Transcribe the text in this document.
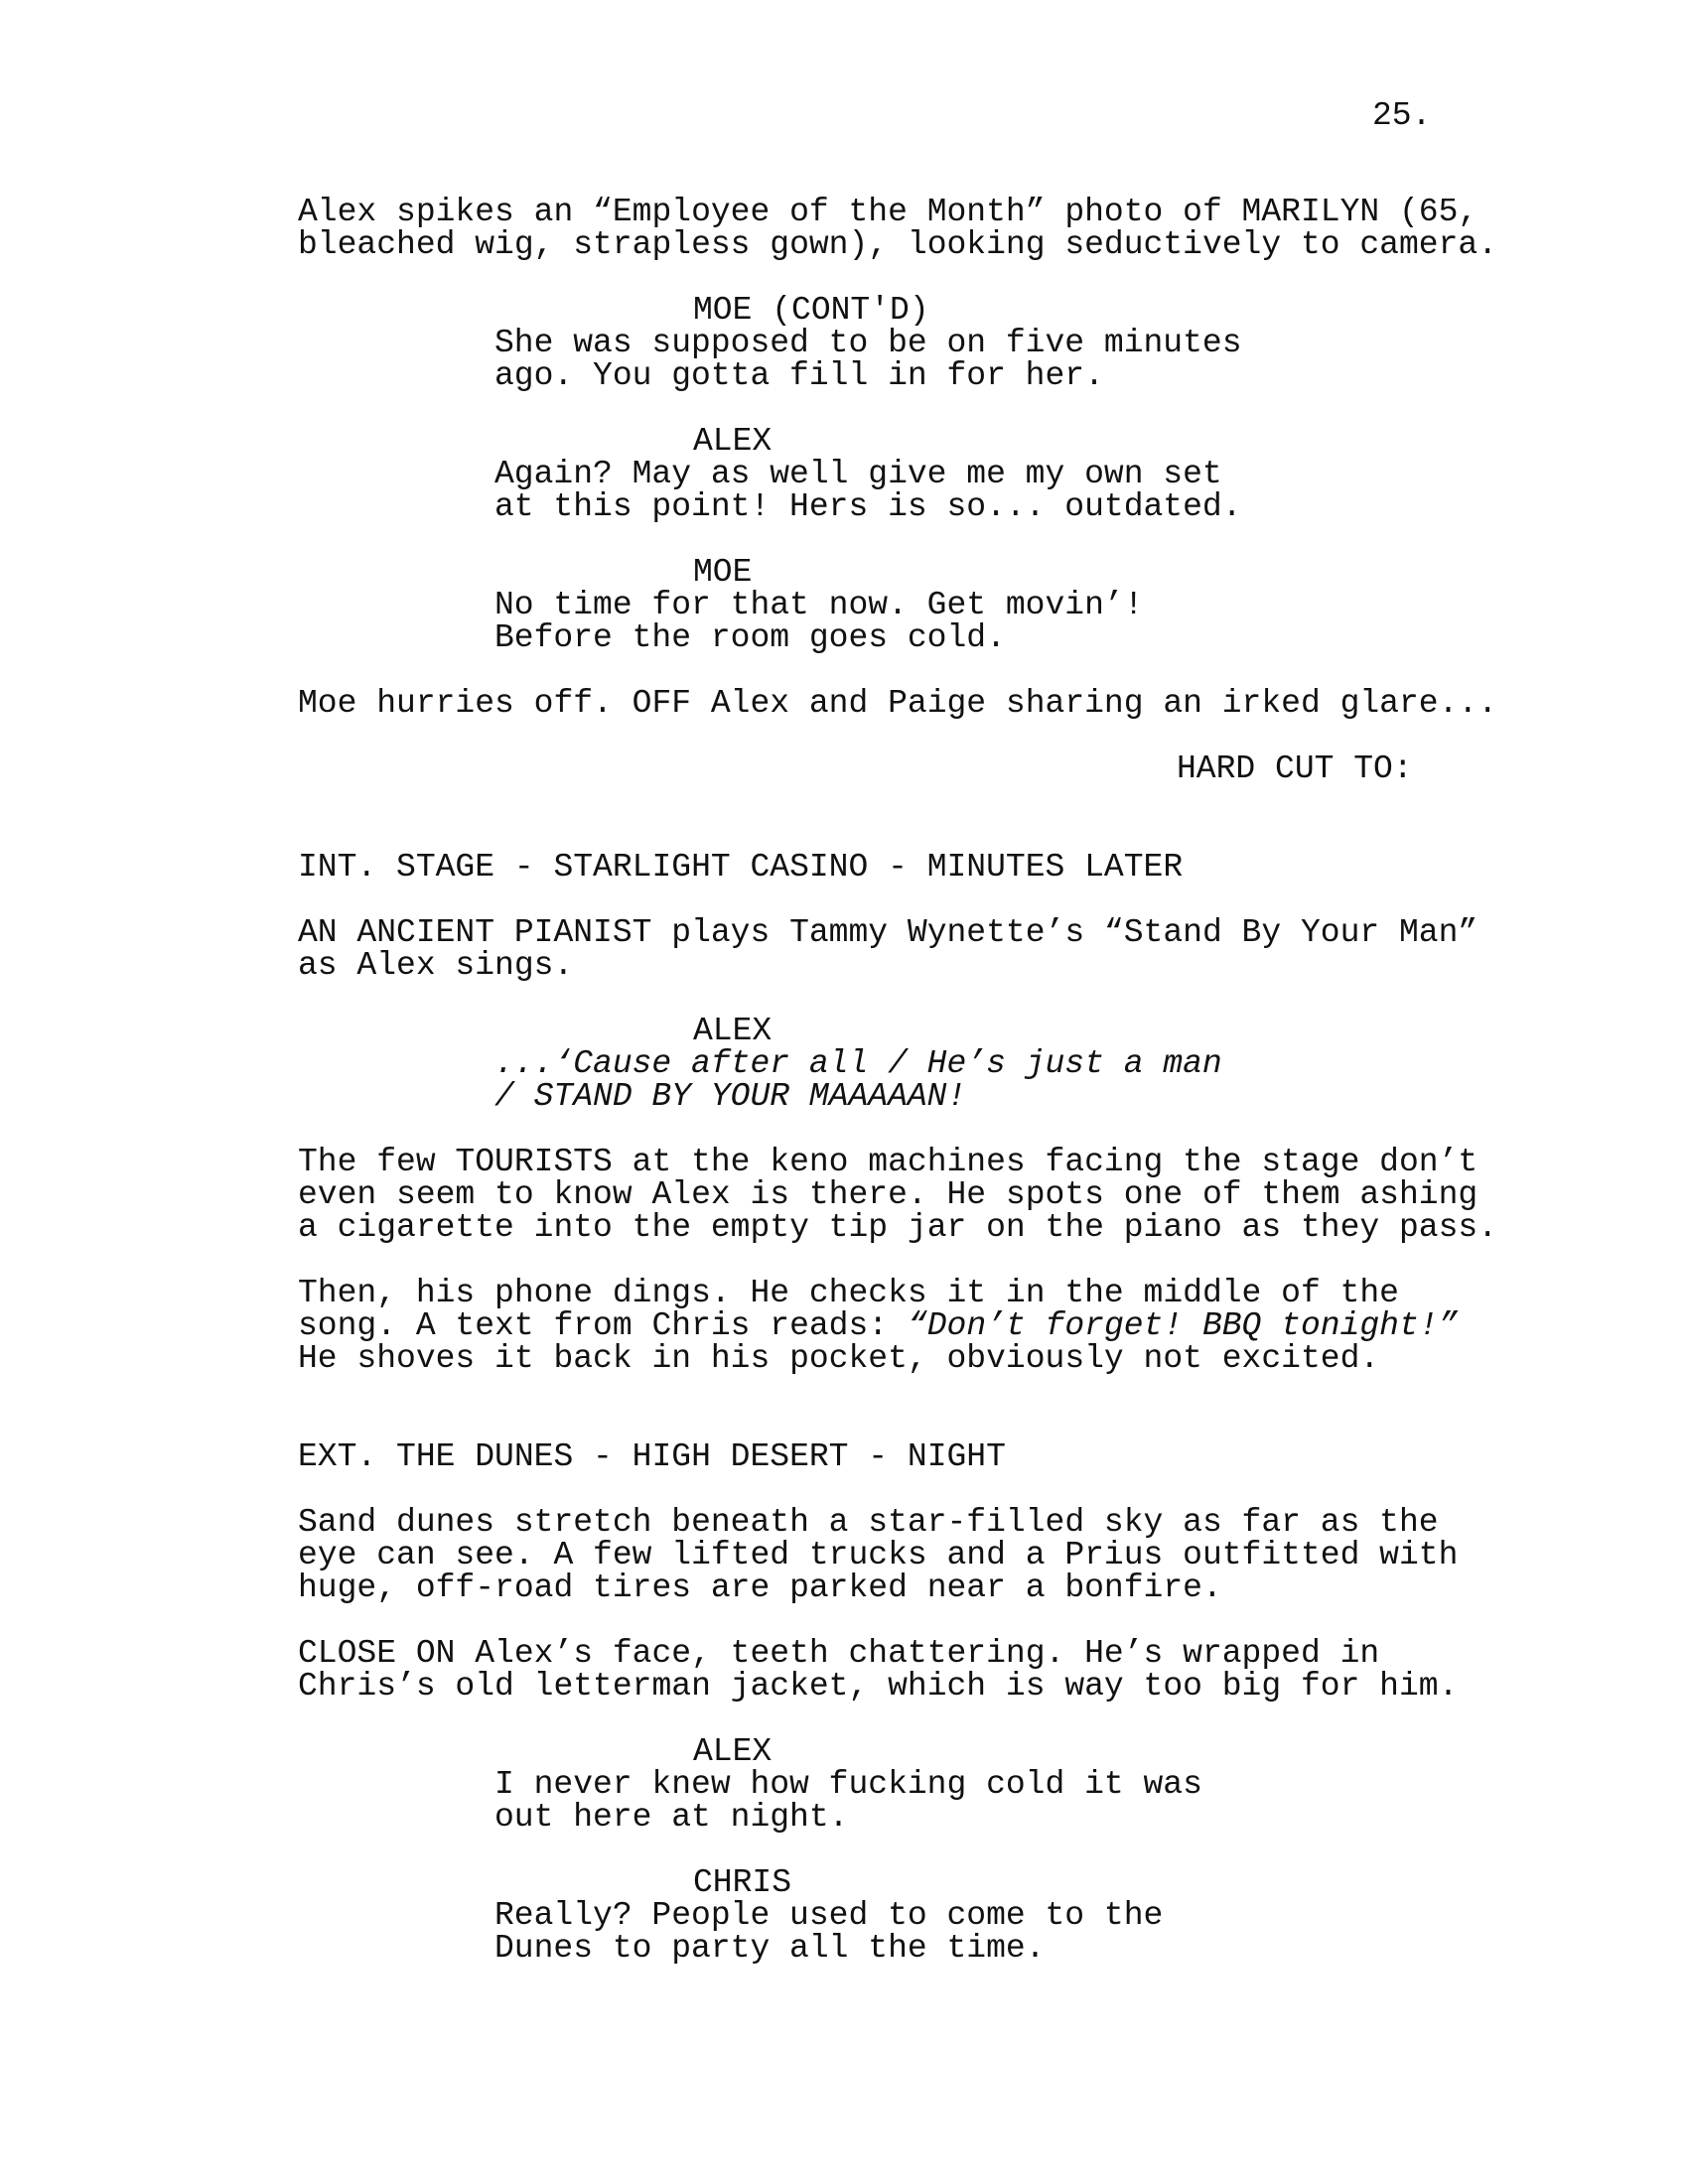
25.
Alex spikes an “Employee of the Month” photo of MARILYN (65,
bleached wig, strapless gown), looking seductively to camera.
MOE (CONT'D)
She was supposed to be on five minutes
ago. You gotta fill in for her.
ALEX
Again? May as well give me my own set
at this point! Hers is so... outdated.
MOE
No time for that now. Get movin’!
Before the room goes cold.
Moe hurries off. OFF Alex and Paige sharing an irked glare...
HARD CUT TO:
INT. STAGE - STARLIGHT CASINO - MINUTES LATER
AN ANCIENT PIANIST plays Tammy Wynette’s “Stand By Your Man”
as Alex sings.
ALEX
...‘Cause after all / He’s just a man
/ STAND BY YOUR MAAAAAN!
The few TOURISTS at the keno machines facing the stage don’t
even seem to know Alex is there. He spots one of them ashing
a cigarette into the empty tip jar on the piano as they pass.
Then, his phone dings. He checks it in the middle of the
song. A text from Chris reads: “Don’t forget! BBQ tonight!”
He shoves it back in his pocket, obviously not excited.
EXT. THE DUNES - HIGH DESERT - NIGHT
Sand dunes stretch beneath a star-filled sky as far as the
eye can see. A few lifted trucks and a Prius outfitted with
huge, off-road tires are parked near a bonfire.
CLOSE ON Alex’s face, teeth chattering. He’s wrapped in
Chris’s old letterman jacket, which is way too big for him.
ALEX
I never knew how fucking cold it was
out here at night.
CHRIS
Really? People used to come to the
Dunes to party all the time.
